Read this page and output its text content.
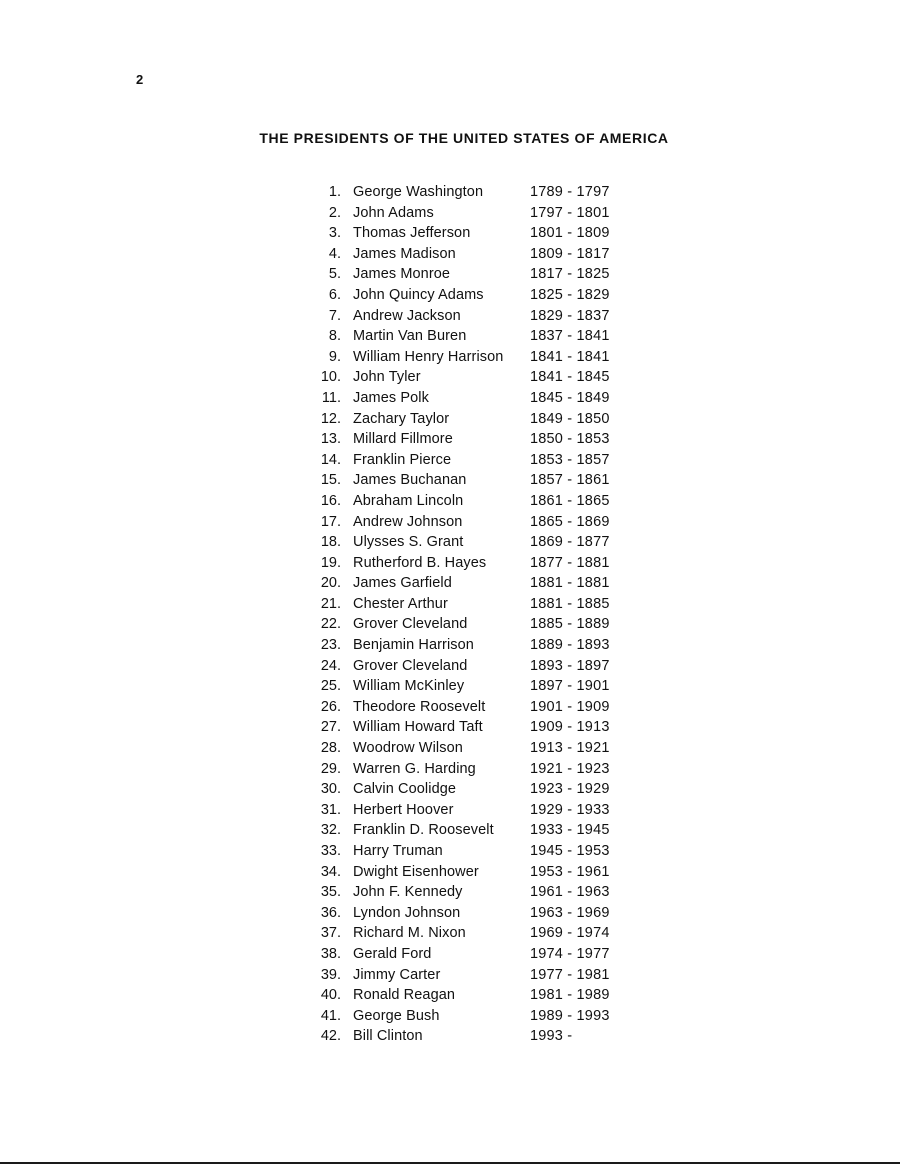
2
THE PRESIDENTS OF THE UNITED STATES OF AMERICA
1. George Washington	1789 - 1797
2. John Adams	1797 - 1801
3. Thomas Jefferson	1801 - 1809
4. James Madison	1809 - 1817
5. James Monroe	1817 - 1825
6. John Quincy Adams	1825 - 1829
7. Andrew Jackson	1829 - 1837
8. Martin Van Buren	1837 - 1841
9. William Henry Harrison	1841 - 1841
10. John Tyler	1841 - 1845
11. James Polk	1845 - 1849
12. Zachary Taylor	1849 - 1850
13. Millard Fillmore	1850 - 1853
14. Franklin Pierce	1853 - 1857
15. James Buchanan	1857 - 1861
16. Abraham Lincoln	1861 - 1865
17. Andrew Johnson	1865 - 1869
18. Ulysses S. Grant	1869 - 1877
19. Rutherford B. Hayes	1877 - 1881
20. James Garfield	1881 - 1881
21. Chester Arthur	1881 - 1885
22. Grover Cleveland	1885 - 1889
23. Benjamin Harrison	1889 - 1893
24. Grover Cleveland	1893 - 1897
25. William McKinley	1897 - 1901
26. Theodore Roosevelt	1901 - 1909
27. William Howard Taft	1909 - 1913
28. Woodrow Wilson	1913 - 1921
29. Warren G. Harding	1921 - 1923
30. Calvin Coolidge	1923 - 1929
31. Herbert Hoover	1929 - 1933
32. Franklin D. Roosevelt	1933 - 1945
33. Harry Truman	1945 - 1953
34. Dwight Eisenhower	1953 - 1961
35. John F. Kennedy	1961 - 1963
36. Lyndon Johnson	1963 - 1969
37. Richard M. Nixon	1969 - 1974
38. Gerald Ford	1974 - 1977
39. Jimmy Carter	1977 - 1981
40. Ronald Reagan	1981 - 1989
41. George Bush	1989 - 1993
42. Bill Clinton	1993 -
